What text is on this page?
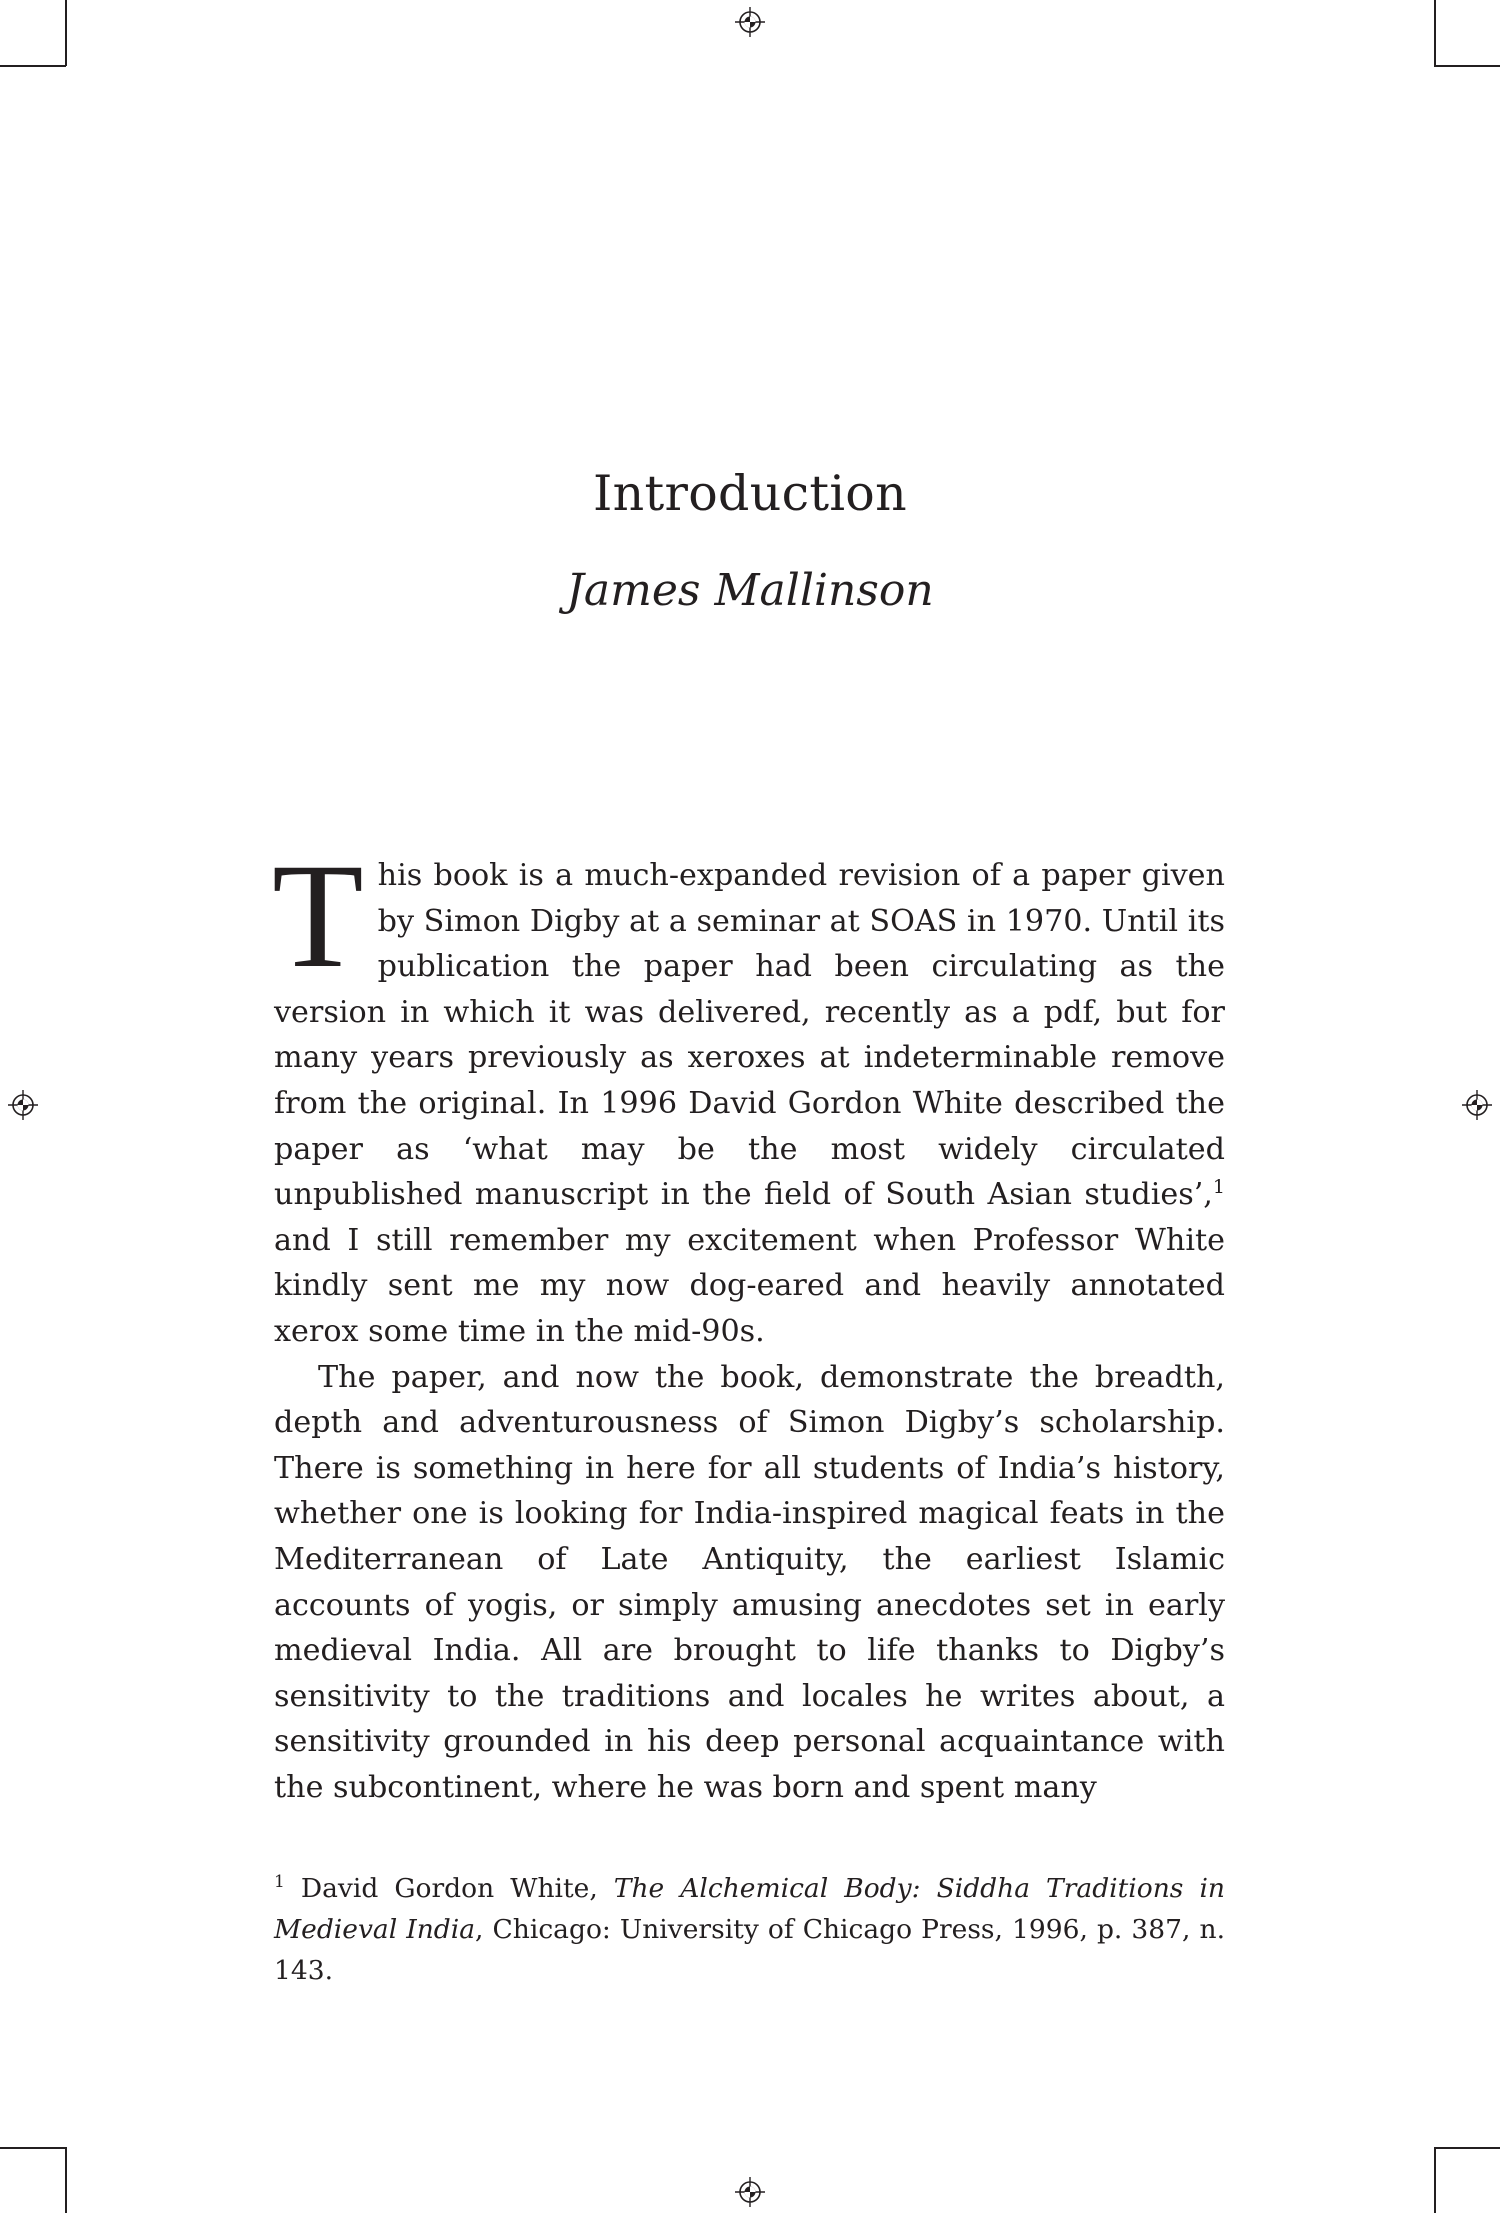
Introduction
James Mallinson

This book is a much-expanded revision of a paper given by Simon Digby at a seminar at SOAS in 1970. Until its publication the paper had been circulating as the version in which it was delivered, recently as a pdf, but for many years previously as xeroxes at indeterminable remove from the original. In 1996 David Gordon White described the paper as ‘what may be the most widely circulated unpublished manuscript in the field of South Asian studies’,$^1$ and I still remember my excitement when Professor White kindly sent me my now dog-eared and heavily annotated xerox some time in the mid-90s.

The paper, and now the book, demonstrate the breadth, depth and adventurousness of Simon Digby’s scholarship. There is something in here for all students of India’s history, whether one is looking for India-inspired magical feats in the Mediterranean of Late Antiquity, the earliest Islamic accounts of yogis, or simply amusing anecdotes set in early medieval India. All are brought to life thanks to Digby’s sensitivity to the traditions and locales he writes about, a sensitivity grounded in his deep personal acquaintance with the subcontinent, where he was born and spent many

$^1$ David Gordon White, The Alchemical Body: Siddha Traditions in Medieval India, Chicago: University of Chicago Press, 1996, p. 387, n. 143.
